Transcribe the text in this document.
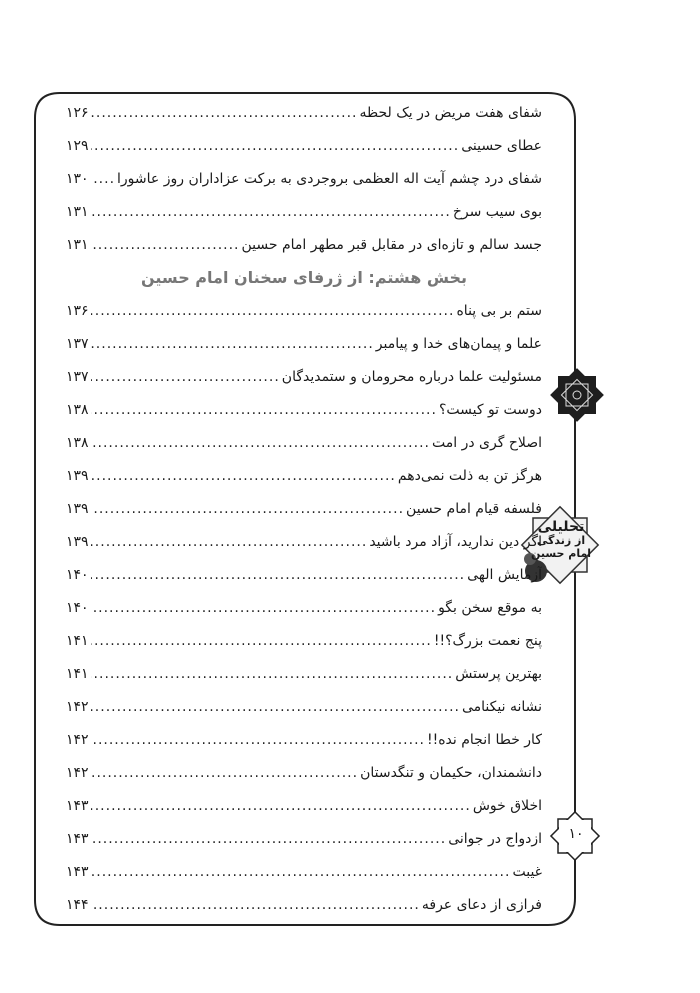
تحلیلی
از زندگی
امام حسین
۱۰
شفای هفت مریض در یک لحظه
.....
۱۲۶
عطای حسینی
.....
۱۲۹
شفای درد چشم آیت اله العظمی بروجردی به برکت عزاداران روز عاشورا
.....
۱۳۰
بوی سیب سرخ
.....
۱۳۱
جسد سالم و تازه‌ای در مقابل قبر مطهر امام حسین
.....
۱۳۱
بخش هشتم: از ژرفای سخنان امام حسین
ستم بر بی پناه
.....
۱۳۶
علما و پیمان‌های خدا و پیامبر
.....
۱۳۷
مسئولیت علما درباره محرومان و ستمدیدگان
.....
۱۳۷
دوست تو کیست؟
.....
۱۳۸
اصلاح گری در امت
.....
۱۳۸
هرگز تن به ذلت نمی‌دهم
.....
۱۳۹
فلسفه قیام امام حسین
.....
۱۳۹
اگر دین ندارید، آزاد مرد باشید
.....
۱۳۹
آزمایش الهی
.....
۱۴۰
به موقع سخن بگو
.....
۱۴۰
پنج نعمت بزرگ؟!!
.....
۱۴۱
بهترین پرستش
.....
۱۴۱
نشانه نیکنامی
.....
۱۴۲
کار خطا انجام نده!!
.....
۱۴۲
دانشمندان، حکیمان و تنگدستان
.....
۱۴۲
اخلاق خوش
.....
۱۴۳
ازدواج در جوانی
.....
۱۴۳
غیبت
.....
۱۴۳
فرازی از دعای عرفه
.....
۱۴۴
